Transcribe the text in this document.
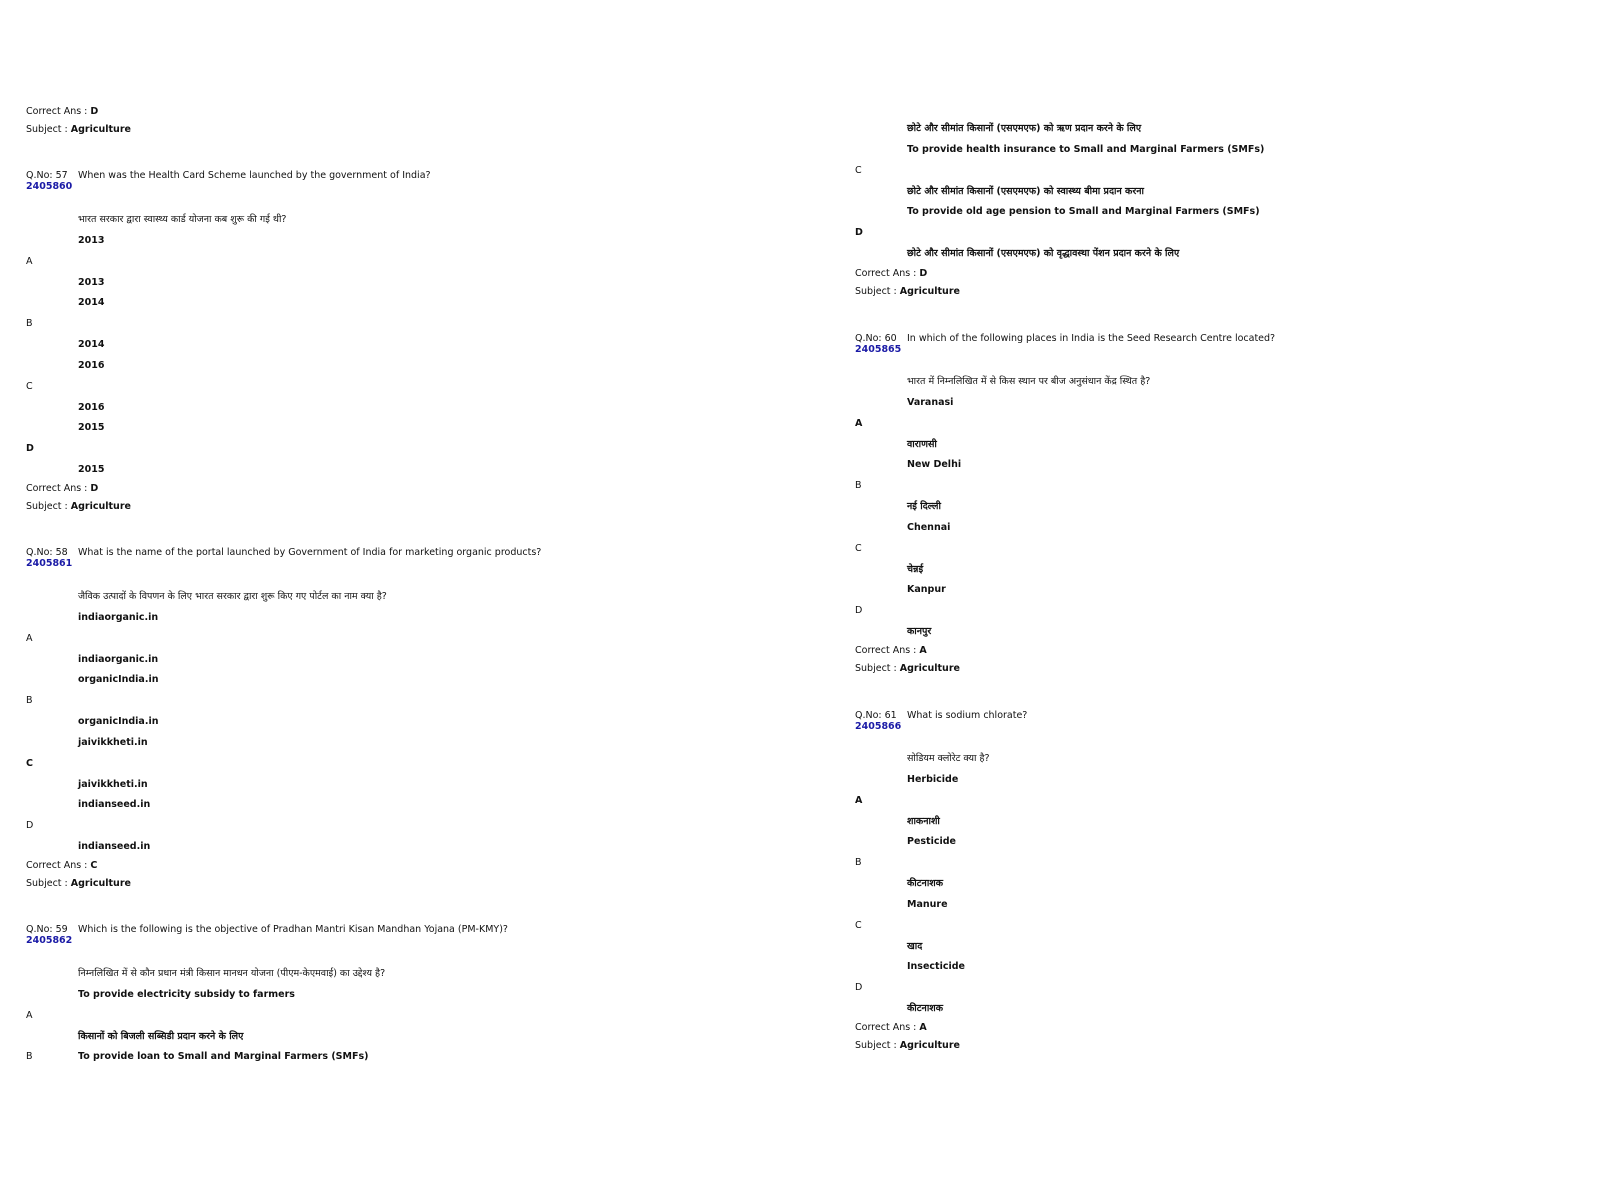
Correct Ans : D
Subject : Agriculture
Q.No: 57 When was the Health Card Scheme launched by the government of India?
2405860
भारत सरकार द्वारा स्वास्थ्य कार्ड योजना कब शुरू की गई थी?
2013
A
2013
2014
B
2014
2016
C
2016
2015
D
2015
Correct Ans : D
Subject : Agriculture
Q.No: 58 What is the name of the portal launched by Government of India for marketing organic products?
2405861
जैविक उत्पादों के विपणन के लिए भारत सरकार द्वारा शुरू किए गए पोर्टल का नाम क्या है?
indiaorganic.in
A
indiaorganic.in
organicIndia.in
B
organicIndia.in
jaivikkheti.in
C
jaivikkheti.in
indianseed.in
D
indianseed.in
Correct Ans : C
Subject : Agriculture
Q.No: 59 Which is the following is the objective of Pradhan Mantri Kisan Mandhan Yojana (PM-KMY)?
2405862
निम्नलिखित में से कौन प्रधान मंत्री किसान मानधन योजना (पीएम-केएमवाई) का उद्देश्य है?
To provide electricity subsidy to farmers
A
किसानों को बिजली सब्सिडी प्रदान करने के लिए
B	To provide loan to Small and Marginal Farmers (SMFs)
छोटे और सीमांत किसानों (एसएमएफ) को ऋण प्रदान करने के लिए
To provide health insurance to Small and Marginal Farmers (SMFs)
C
छोटे और सीमांत किसानों (एसएमएफ) को स्वास्थ्य बीमा प्रदान करना
To provide old age pension to Small and Marginal Farmers (SMFs)
D
छोटे और सीमांत किसानों (एसएमएफ) को वृद्धावस्था पेंशन प्रदान करने के लिए
Correct Ans : D
Subject : Agriculture
Q.No: 60 In which of the following places in India is the Seed Research Centre located?
2405865
भारत में निम्नलिखित में से किस स्थान पर बीज अनुसंधान केंद्र स्थित है?
Varanasi
A
वाराणसी
New Delhi
B
नई दिल्ली
Chennai
C
चेन्नई
Kanpur
D
कानपुर
Correct Ans : A
Subject : Agriculture
Q.No: 61 What is sodium chlorate?
2405866
सोडियम क्लोरेट क्या है?
Herbicide
A
शाकनाशी
Pesticide
B
कीटनाशक
Manure
C
खाद
Insecticide
D
कीटनाशक
Correct Ans : A
Subject : Agriculture
